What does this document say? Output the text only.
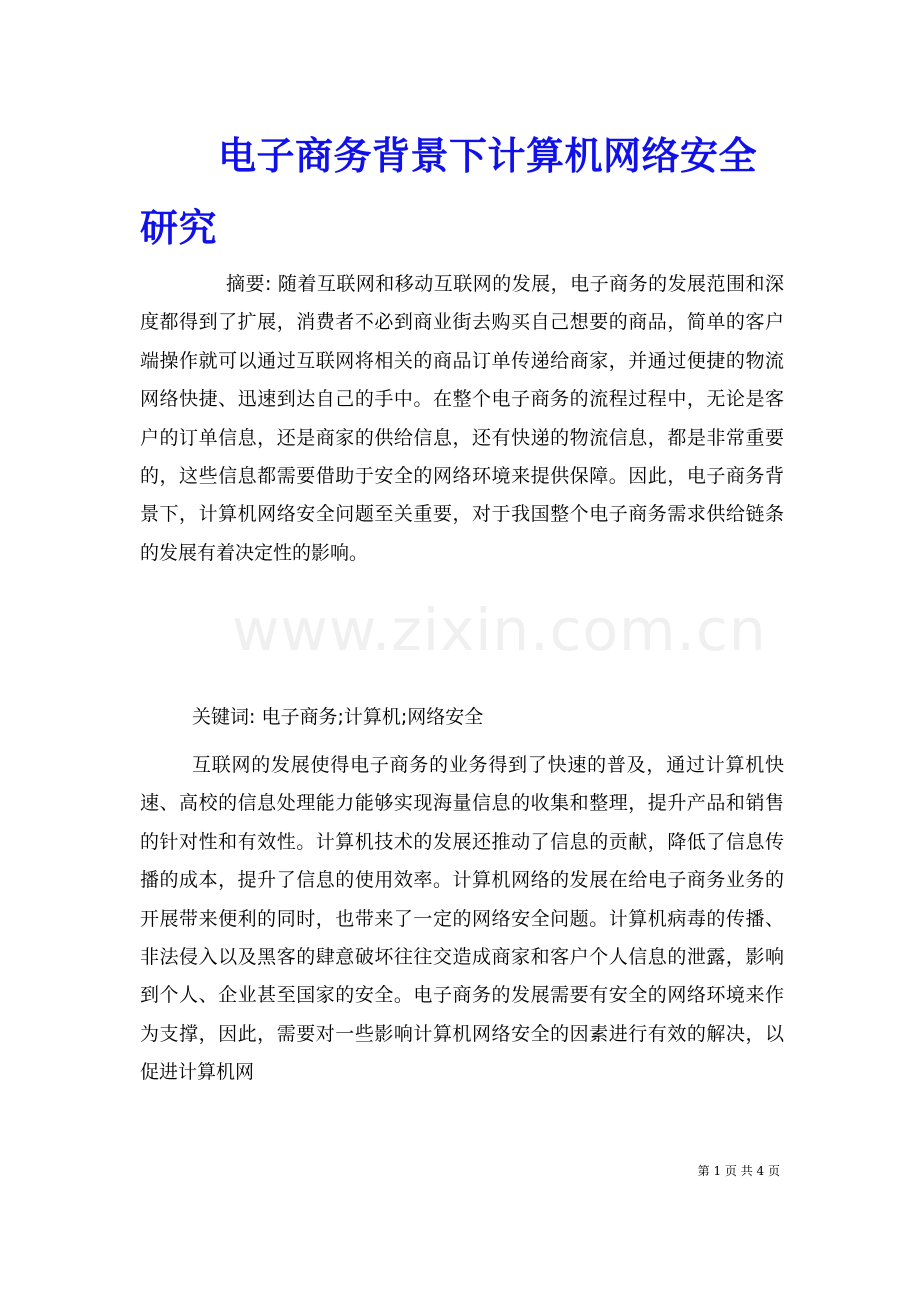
电子商务背景下计算机网络安全研究

摘要: 随着互联网和移动互联网的发展，电子商务的发展范围和深度都得到了扩展，消费者不必到商业街去购买自己想要的商品，简单的客户端操作就可以通过互联网将相关的商品订单传递给商家，并通过便捷的物流网络快捷、迅速到达自己的手中。在整个电子商务的流程过程中，无论是客户的订单信息，还是商家的供给信息，还有快递的物流信息，都是非常重要的，这些信息都需要借助于安全的网络环境来提供保障。因此，电子商务背景下，计算机网络安全问题至关重要，对于我国整个电子商务需求供给链条的发展有着决定性的影响。

www.zixin.com.cn

关键词: 电子商务;计算机;网络安全

互联网的发展使得电子商务的业务得到了快速的普及，通过计算机快速、高校的信息处理能力能够实现海量信息的收集和整理，提升产品和销售的针对性和有效性。计算机技术的发展还推动了信息的贡献，降低了信息传播的成本，提升了信息的使用效率。计算机网络的发展在给电子商务业务的开展带来便利的同时，也带来了一定的网络安全问题。计算机病毒的传播、非法侵入以及黑客的肆意破坏往往交造成商家和客户个人信息的泄露，影响到个人、企业甚至国家的安全。电子商务的发展需要有安全的网络环境来作为支撑，因此，需要对一些影响计算机网络安全的因素进行有效的解决，以促进计算机网

第 1 页 共 4 页
